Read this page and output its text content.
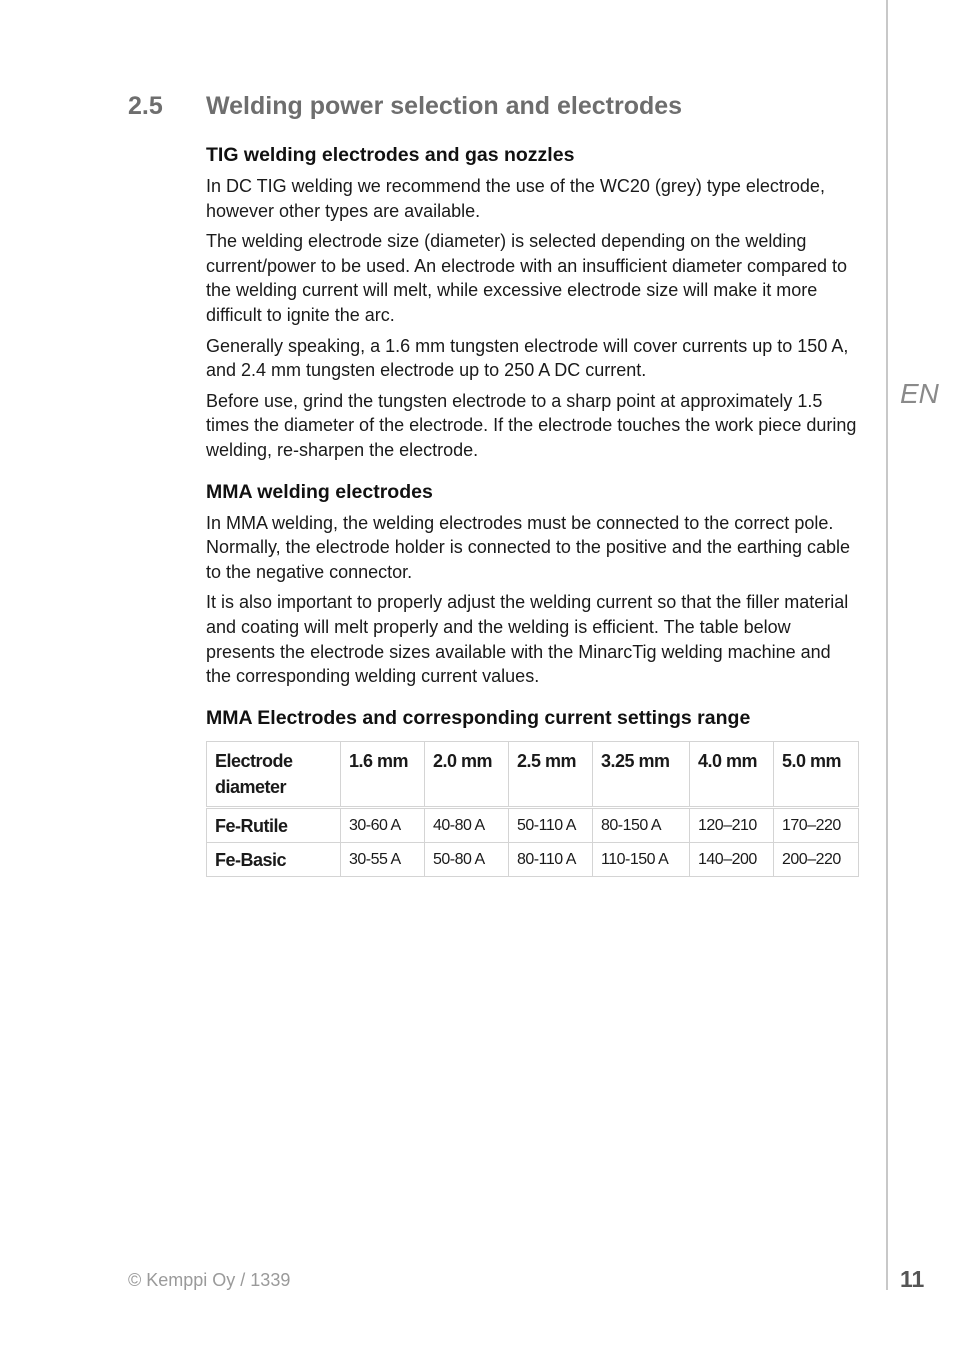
EN
2.5 Welding power selection and electrodes
TIG welding electrodes and gas nozzles

In DC TIG welding we recommend the use of the WC20 (grey) type electrode, however other types are available.

The welding electrode size (diameter) is selected depending on the welding current/power to be used. An electrode with an insufficient diameter compared to the welding current will melt, while excessive electrode size will make it more difficult to ignite the arc.

Generally speaking, a 1.6 mm tungsten electrode will cover currents up to 150 A, and 2.4 mm tungsten electrode up to 250 A DC current.

Before use, grind the tungsten electrode to a sharp point at approximately 1.5 times the diameter of the electrode. If the electrode touches the work piece during welding, re-sharpen the electrode.

MMA welding electrodes

In MMA welding, the welding electrodes must be connected to the correct pole. Normally, the electrode holder is connected to the positive and the earthing cable to the negative connector.

It is also important to properly adjust the welding current so that the filler material and coating will melt properly and the welding is efficient. The table below presents the electrode sizes available with the MinarcTig welding machine and the corresponding welding current values.

MMA Electrodes and corresponding current settings range
Electrode diameter	1.6 mm	2.0 mm	2.5 mm	3.25 mm	4.0 mm	5.0 mm
Fe-Rutile	30-60 A	40-80 A	50-110 A	80-150 A	120–210	170–220
Fe-Basic	30-55 A	50-80 A	80-110 A	110-150 A	140–200	200–220
© Kemppi Oy / 1339	11
